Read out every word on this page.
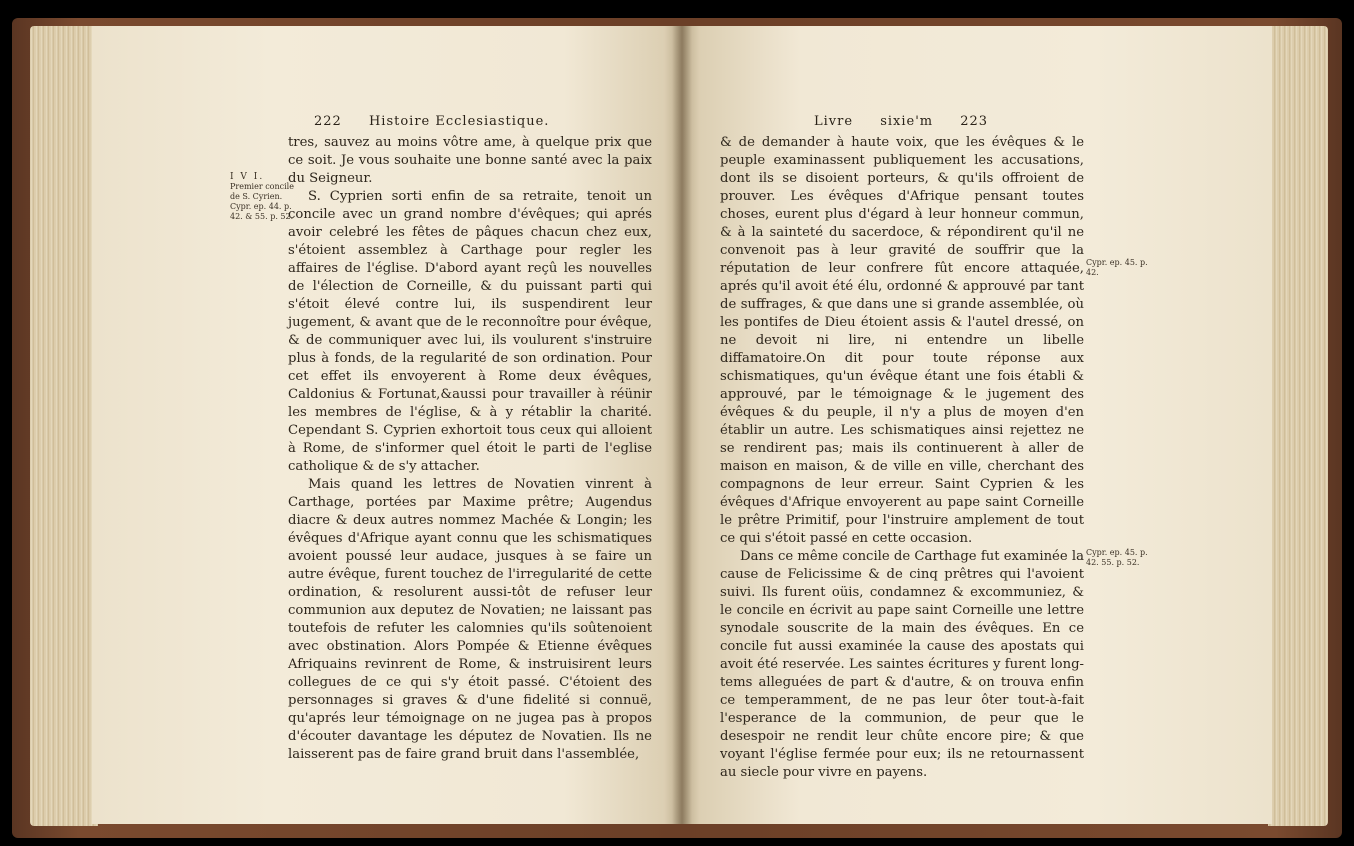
222 Histoire Ecclesiastique.
I V I.
Premier concile de S. Cyrien.
Cypr. ep. 44. p. 42. & 55. p. 52.

tres, sauvez au moins vôtre ame, à quelque prix que ce soit. Je vous souhaite une bonne santé avec la paix du Seigneur.

S. Cyprien sorti enfin de sa retraite, tenoit un concile avec un grand nombre d'évêques; qui aprés avoir celebré les fêtes de pâques chacun chez eux, s'étoient assemblez à Carthage pour regler les affaires de l'église. D'abord ayant reçû les nouvelles de l'élection de Corneille, & du puissant parti qui s'étoit élevé contre lui, ils suspendirent leur jugement, & avant que de le reconnoître pour évêque, & de communiquer avec lui, ils voulurent s'instruire plus à fonds, de la regularité de son ordination. Pour cet effet ils envoyerent à Rome deux évêques, Caldonius & Fortunat,&aussi pour travailler à réünir les membres de l'église, & à y rétablir la charité. Cependant S. Cyprien exhortoit tous ceux qui alloient à Rome, de s'informer quel étoit le parti de l'eglise catholique & de s'y attacher.

Mais quand les lettres de Novatien vinrent à Carthage, portées par Maxime prêtre; Augendus diacre & deux autres nommez Machée & Longin; les évêques d'Afrique ayant connu que les schismatiques avoient poussé leur audace, jusques à se faire un autre évêque, furent touchez de l'irregularité de cette ordination, & resolurent aussi-tôt de refuser leur communion aux deputez de Novatien; ne laissant pas toutefois de refuter les calomnies qu'ils soûtenoient avec obstination. Alors Pompée & Etienne évêques Afriquains revinrent de Rome, & instruisirent leurs collegues de ce qui s'y étoit passé. C'étoient des personnages si graves & d'une fidelité si connuë, qu'aprés leur témoignage on ne jugea pas à propos d'écouter davantage les députez de Novatien. Ils ne laisserent pas de faire grand bruit dans l'assemblée,

Livre sixie'm 223
Cypr. ep. 45. p. 42.
Cypr. ep. 45. p. 42. 55. p. 52.

& de demander à haute voix, que les évêques & le peuple examinassent publiquement les accusations, dont ils se disoient porteurs, & qu'ils offroient de prouver. Les évêques d'Afrique pensant toutes choses, eurent plus d'égard à leur honneur commun, & à la sainteté du sacerdoce, & répondirent qu'il ne convenoit pas à leur gravité de souffrir que la réputation de leur confrere fût encore attaquée, aprés qu'il avoit été élu, ordonné & approuvé par tant de suffrages, & que dans une si grande assemblée, où les pontifes de Dieu étoient assis & l'autel dressé, on ne devoit ni lire, ni entendre un libelle diffamatoire.On dit pour toute réponse aux schismatiques, qu'un évêque étant une fois établi & approuvé, par le témoignage & le jugement des évêques & du peuple, il n'y a plus de moyen d'en établir un autre. Les schismatiques ainsi rejettez ne se rendirent pas; mais ils continuerent à aller de maison en maison, & de ville en ville, cherchant des compagnons de leur erreur. Saint Cyprien & les évêques d'Afrique envoyerent au pape saint Corneille le prêtre Primitif, pour l'instruire amplement de tout ce qui s'étoit passé en cette occasion.

Dans ce même concile de Carthage fut examinée la cause de Felicissime & de cinq prêtres qui l'avoient suivi. Ils furent oüis, condamnez & excommuniez, & le concile en écrivit au pape saint Corneille une lettre synodale souscrite de la main des évêques. En ce concile fut aussi examinée la cause des apostats qui avoit été reservée. Les saintes écritures y furent long-tems alleguées de part & d'autre, & on trouva enfin ce temperamment, de ne pas leur ôter tout-à-fait l'esperance de la communion, de peur que le desespoir ne rendit leur chûte encore pire; & que voyant l'église fermée pour eux; ils ne retournassent au siecle pour vivre en payens.
